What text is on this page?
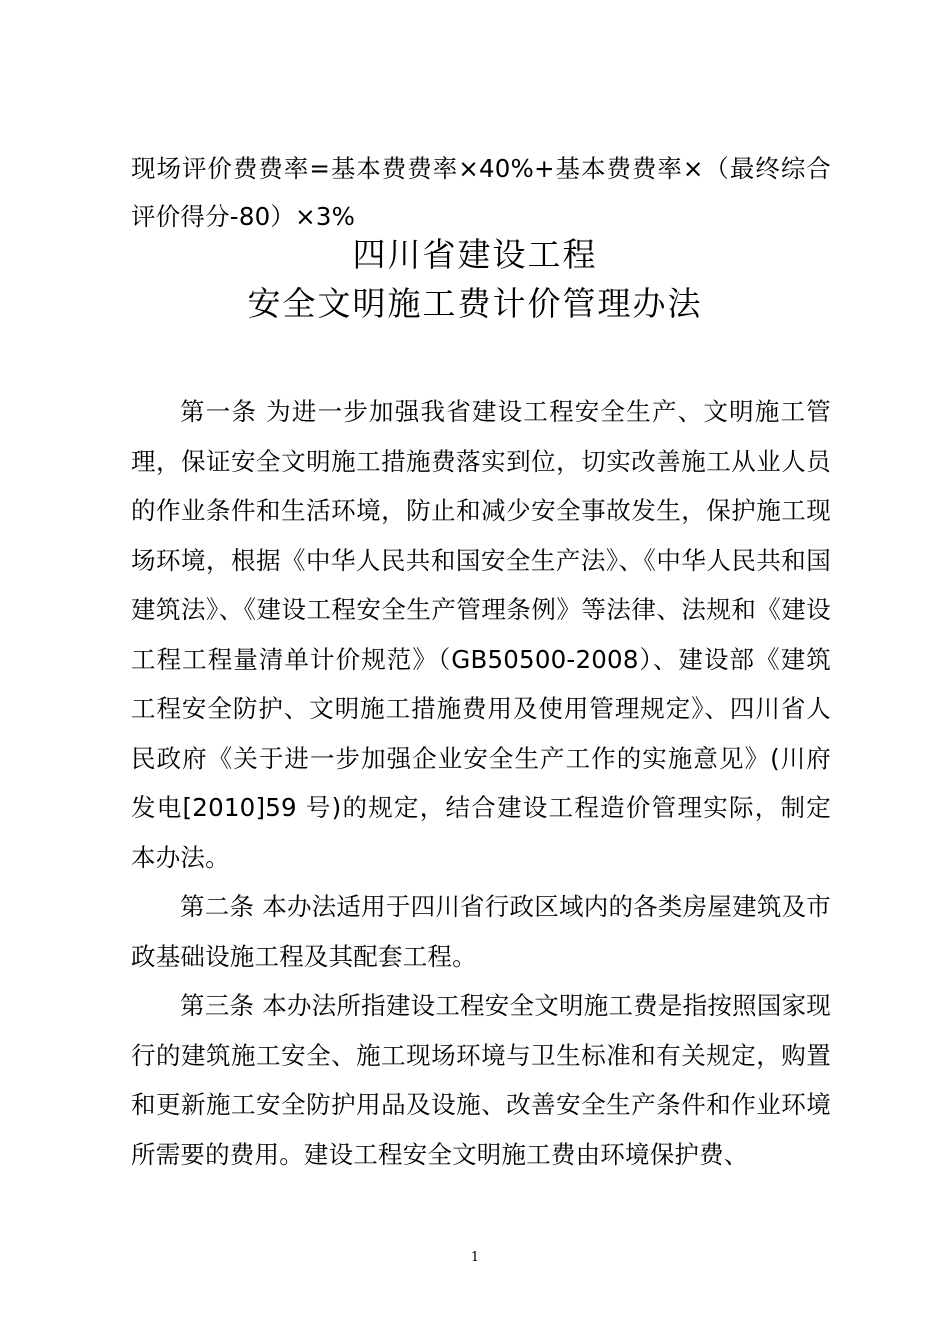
现场评价费费率=基本费费率×40%+基本费费率×（最终综合评价得分-80）×3%
四川省建设工程
安全文明施工费计价管理办法

第一条 为进一步加强我省建设工程安全生产、文明施工管理，保证安全文明施工措施费落实到位，切实改善施工从业人员的作业条件和生活环境，防止和减少安全事故发生，保护施工现场环境，根据《中华人民共和国安全生产法》、《中华人民共和国建筑法》、《建设工程安全生产管理条例》等法律、法规和《建设工程工程量清单计价规范》（GB50500-2008）、建设部《建筑工程安全防护、文明施工措施费用及使用管理规定》、四川省人民政府《关于进一步加强企业安全生产工作的实施意见》(川府发电[2010]59 号)的规定，结合建设工程造价管理实际，制定本办法。

第二条 本办法适用于四川省行政区域内的各类房屋建筑及市政基础设施工程及其配套工程。

第三条 本办法所指建设工程安全文明施工费是指按照国家现行的建筑施工安全、施工现场环境与卫生标准和有关规定，购置和更新施工安全防护用品及设施、改善安全生产条件和作业环境所需要的费用。建设工程安全文明施工费由环境保护费、

1
